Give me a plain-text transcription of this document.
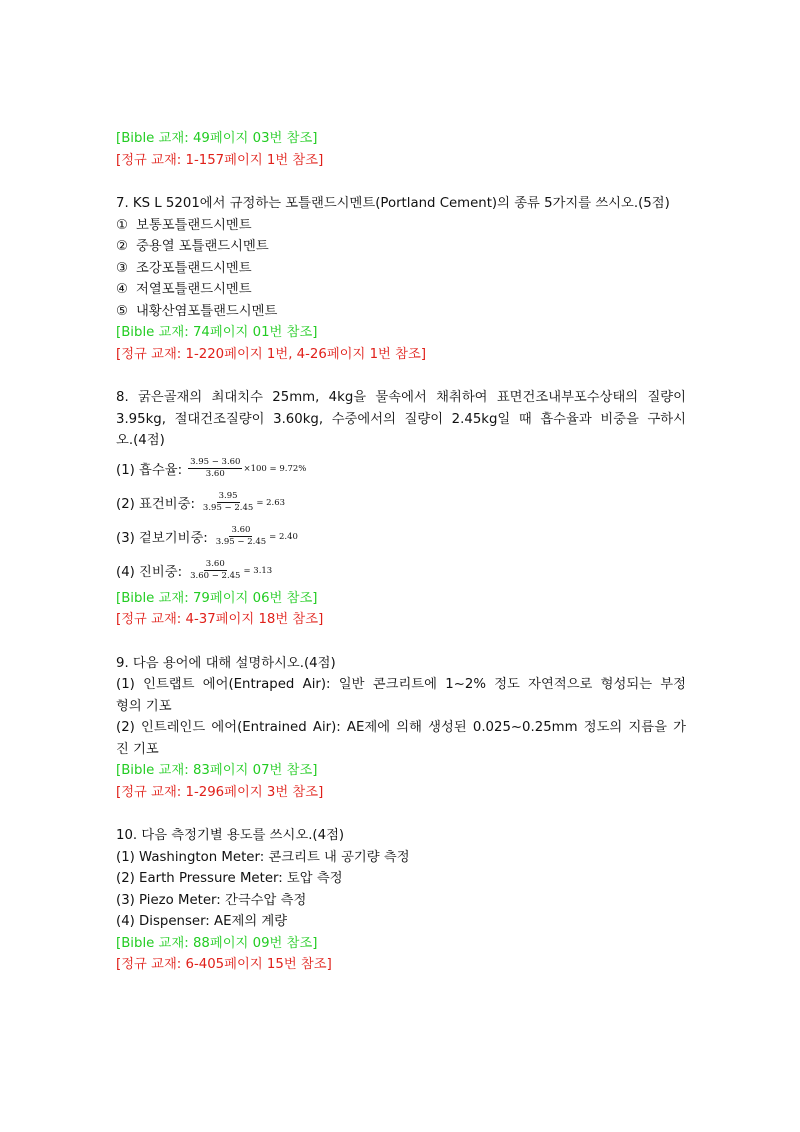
[Bible 교재: 49페이지 03번 참조]
[정규 교재: 1-157페이지 1번 참조]
7. KS L 5201에서 규정하는 포틀랜드시멘트(Portland Cement)의 종류 5가지를 쓰시오.(5점)
① 보통포틀랜드시멘트
② 중용열 포틀랜드시멘트
③ 조강포틀랜드시멘트
④ 저열포틀랜드시멘트
⑤ 내황산염포틀랜드시멘트
[Bible 교재: 74페이지 01번 참조]
[정규 교재: 1-220페이지 1번, 4-26페이지 1번 참조]
8. 굵은골재의 최대치수 25mm, 4kg을 물속에서 채취하여 표면건조내부포수상태의 질량이
3.95kg, 절대건조질량이 3.60kg, 수중에서의 질량이 2.45kg일 때 흡수율과 비중을 구하시
오.(4점)
(1) 흡수율: $\frac{3.95 - 3.60}{3.60} \times 100 = 9.72\%$
(2) 표건비중: $\frac{3.95}{3.95 - 2.45} = 2.63$
(3) 겉보기비중: $\frac{3.60}{3.95 - 2.45} = 2.40$
(4) 진비중: $\frac{3.60}{3.60 - 2.45} = 3.13$
[Bible 교재: 79페이지 06번 참조]
[정규 교재: 4-37페이지 18번 참조]
9. 다음 용어에 대해 설명하시오.(4점)
(1) 인트랩트 에어(Entraped Air): 일반 콘크리트에 1~2% 정도 자연적으로 형성되는 부정
형의 기포
(2) 인트레인드 에어(Entrained Air): AE제에 의해 생성된 0.025~0.25mm 정도의 지름을 가
진 기포
[Bible 교재: 83페이지 07번 참조]
[정규 교재: 1-296페이지 3번 참조]
10. 다음 측정기별 용도를 쓰시오.(4점)
(1) Washington Meter: 콘크리트 내 공기량 측정
(2) Earth Pressure Meter: 토압 측정
(3) Piezo Meter: 간극수압 측정
(4) Dispenser: AE제의 계량
[Bible 교재: 88페이지 09번 참조]
[정규 교재: 6-405페이지 15번 참조]
